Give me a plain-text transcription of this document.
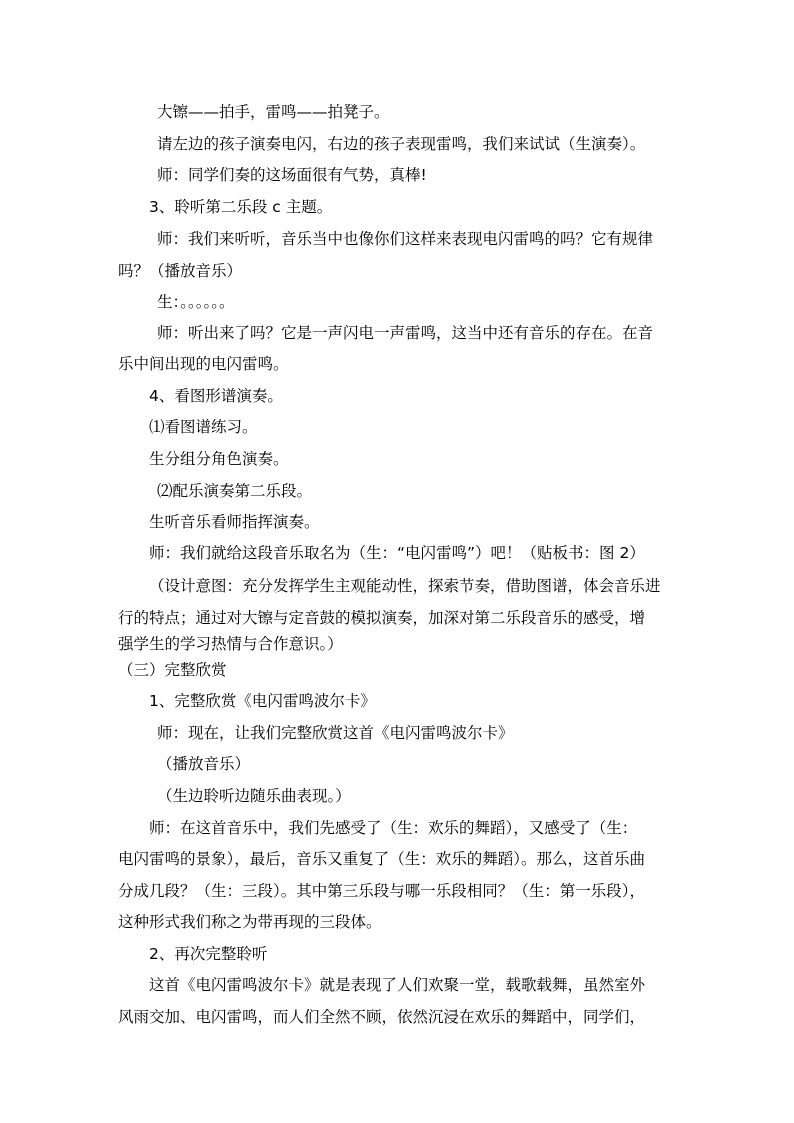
大镲——拍手，雷鸣——拍凳子。

请左边的孩子演奏电闪，右边的孩子表现雷鸣，我们来试试（生演奏）。

师：同学们奏的这场面很有气势，真棒!

3、聆听第二乐段 c 主题。

师：我们来听听，音乐当中也像你们这样来表现电闪雷鸣的吗？它有规律

吗？（播放音乐）

生：。。。。。。

师：听出来了吗？它是一声闪电一声雷鸣，这当中还有音乐的存在。在音

乐中间出现的电闪雷鸣。

4、看图形谱演奏。

⑴看图谱练习。

生分组分角色演奏。

⑵配乐演奏第二乐段。

生听音乐看师指挥演奏。

师：我们就给这段音乐取名为（生：“电闪雷鸣”）吧！（贴板书：图 2）

（设计意图：充分发挥学生主观能动性，探索节奏，借助图谱，体会音乐进

行的特点；通过对大镲与定音鼓的模拟演奏，加深对第二乐段音乐的感受，增

强学生的学习热情与合作意识。）

（三）完整欣赏

1、完整欣赏《电闪雷鸣波尔卡》

师：现在，让我们完整欣赏这首《电闪雷鸣波尔卡》

（播放音乐）

（生边聆听边随乐曲表现。）

师：在这首音乐中，我们先感受了（生：欢乐的舞蹈），又感受了（生：

电闪雷鸣的景象），最后，音乐又重复了（生：欢乐的舞蹈）。那么，这首乐曲

分成几段？（生：三段）。其中第三乐段与哪一乐段相同？（生：第一乐段），

这种形式我们称之为带再现的三段体。

2、再次完整聆听

这首《电闪雷鸣波尔卡》就是表现了人们欢聚一堂，载歌载舞，虽然室外

风雨交加、电闪雷鸣，而人们全然不顾，依然沉浸在欢乐的舞蹈中，同学们，
